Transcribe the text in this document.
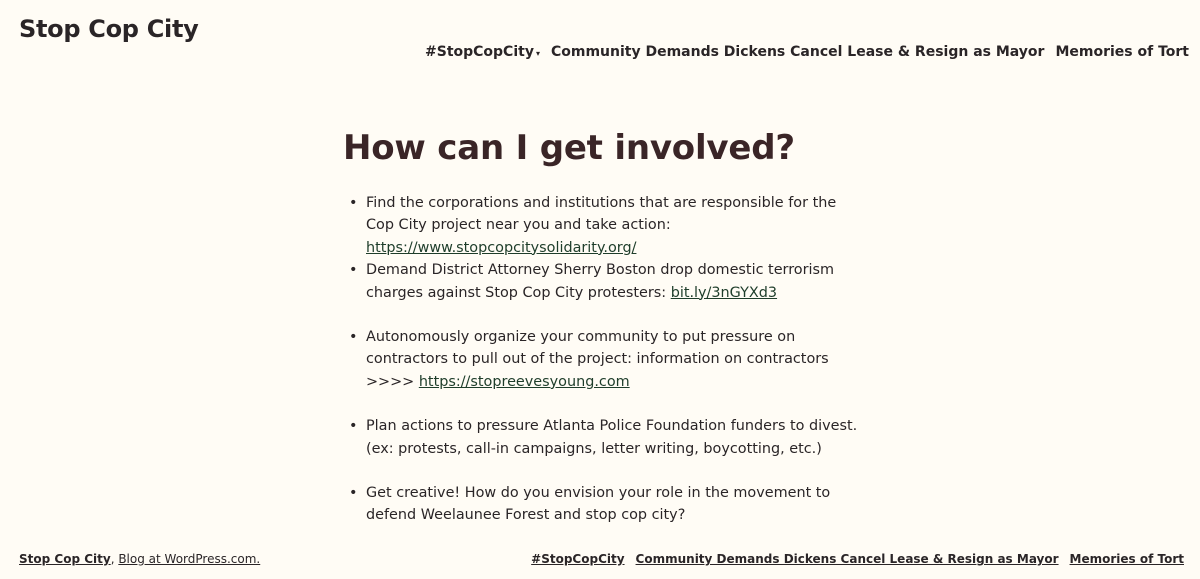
Stop Cop City
#StopCopCity ▾ Community Demands Dickens Cancel Lease & Resign as Mayor Memories of Tort
How can I get involved?
• Find the corporations and institutions that are responsible for the Cop City project near you and take action: https://www.stopcopcitysolidarity.org/
• Demand District Attorney Sherry Boston drop domestic terrorism charges against Stop Cop City protesters: bit.ly/3nGYXd3
• Autonomously organize your community to put pressure on contractors to pull out of the project: information on contractors >>>> https://stopreevesyoung.com
• Plan actions to pressure Atlanta Police Foundation funders to divest. (ex: protests, call-in campaigns, letter writing, boycotting, etc.)
• Get creative! How do you envision your role in the movement to defend Weelaunee Forest and stop cop city?
Stop Cop City, Blog at WordPress.com.	#StopCopCity Community Demands Dickens Cancel Lease & Resign as Mayor Memories of Tort
